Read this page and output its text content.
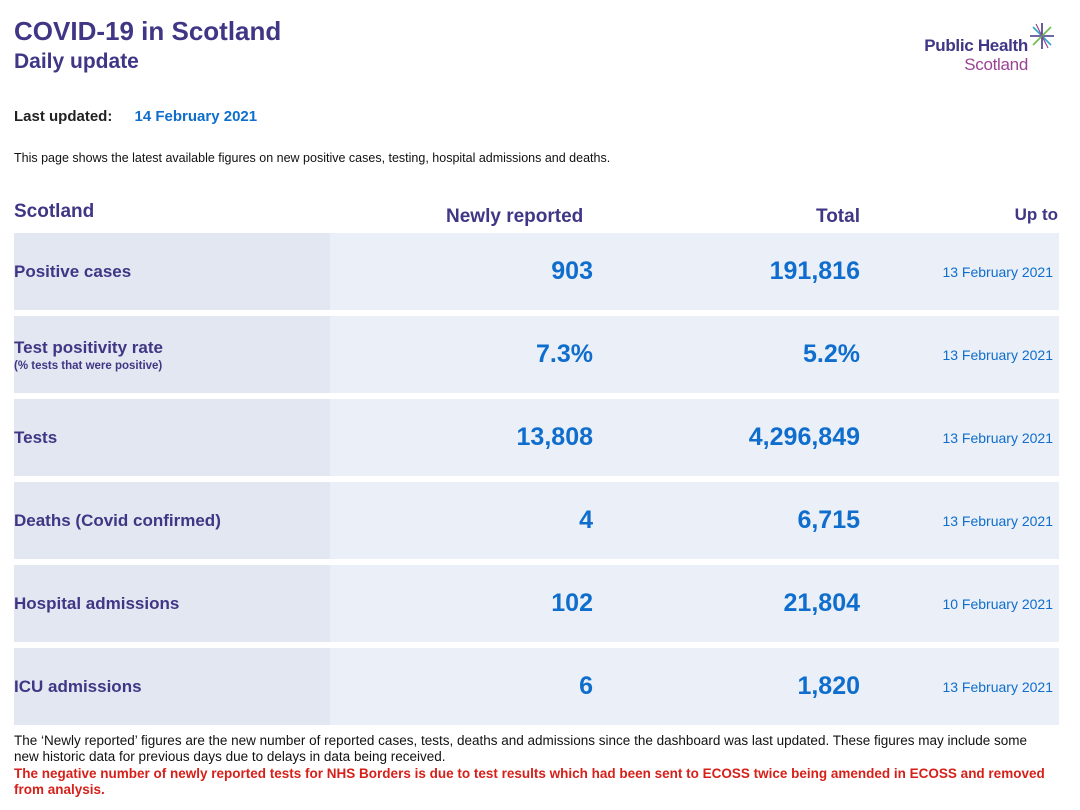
COVID-19 in Scotland
Daily update
Public Health
Scotland
Last updated: 14 February 2021
This page shows the latest available figures on new positive cases, testing, hospital admissions and deaths.
Scotland	Newly reported	Total	Up to
Positive cases	903	191,816	13 February 2021
Test positivity rate
(% tests that were positive)	7.3%	5.2%	13 February 2021
Tests	13,808	4,296,849	13 February 2021
Deaths (Covid confirmed)	4	6,715	13 February 2021
Hospital admissions	102	21,804	10 February 2021
ICU admissions	6	1,820	13 February 2021
The ‘Newly reported’ figures are the new number of reported cases, tests, deaths and admissions since the dashboard was last updated. These figures may include some new historic data for previous days due to delays in data being received.
The negative number of newly reported tests for NHS Borders is due to test results which had been sent to ECOSS twice being amended in ECOSS and removed from analysis.
